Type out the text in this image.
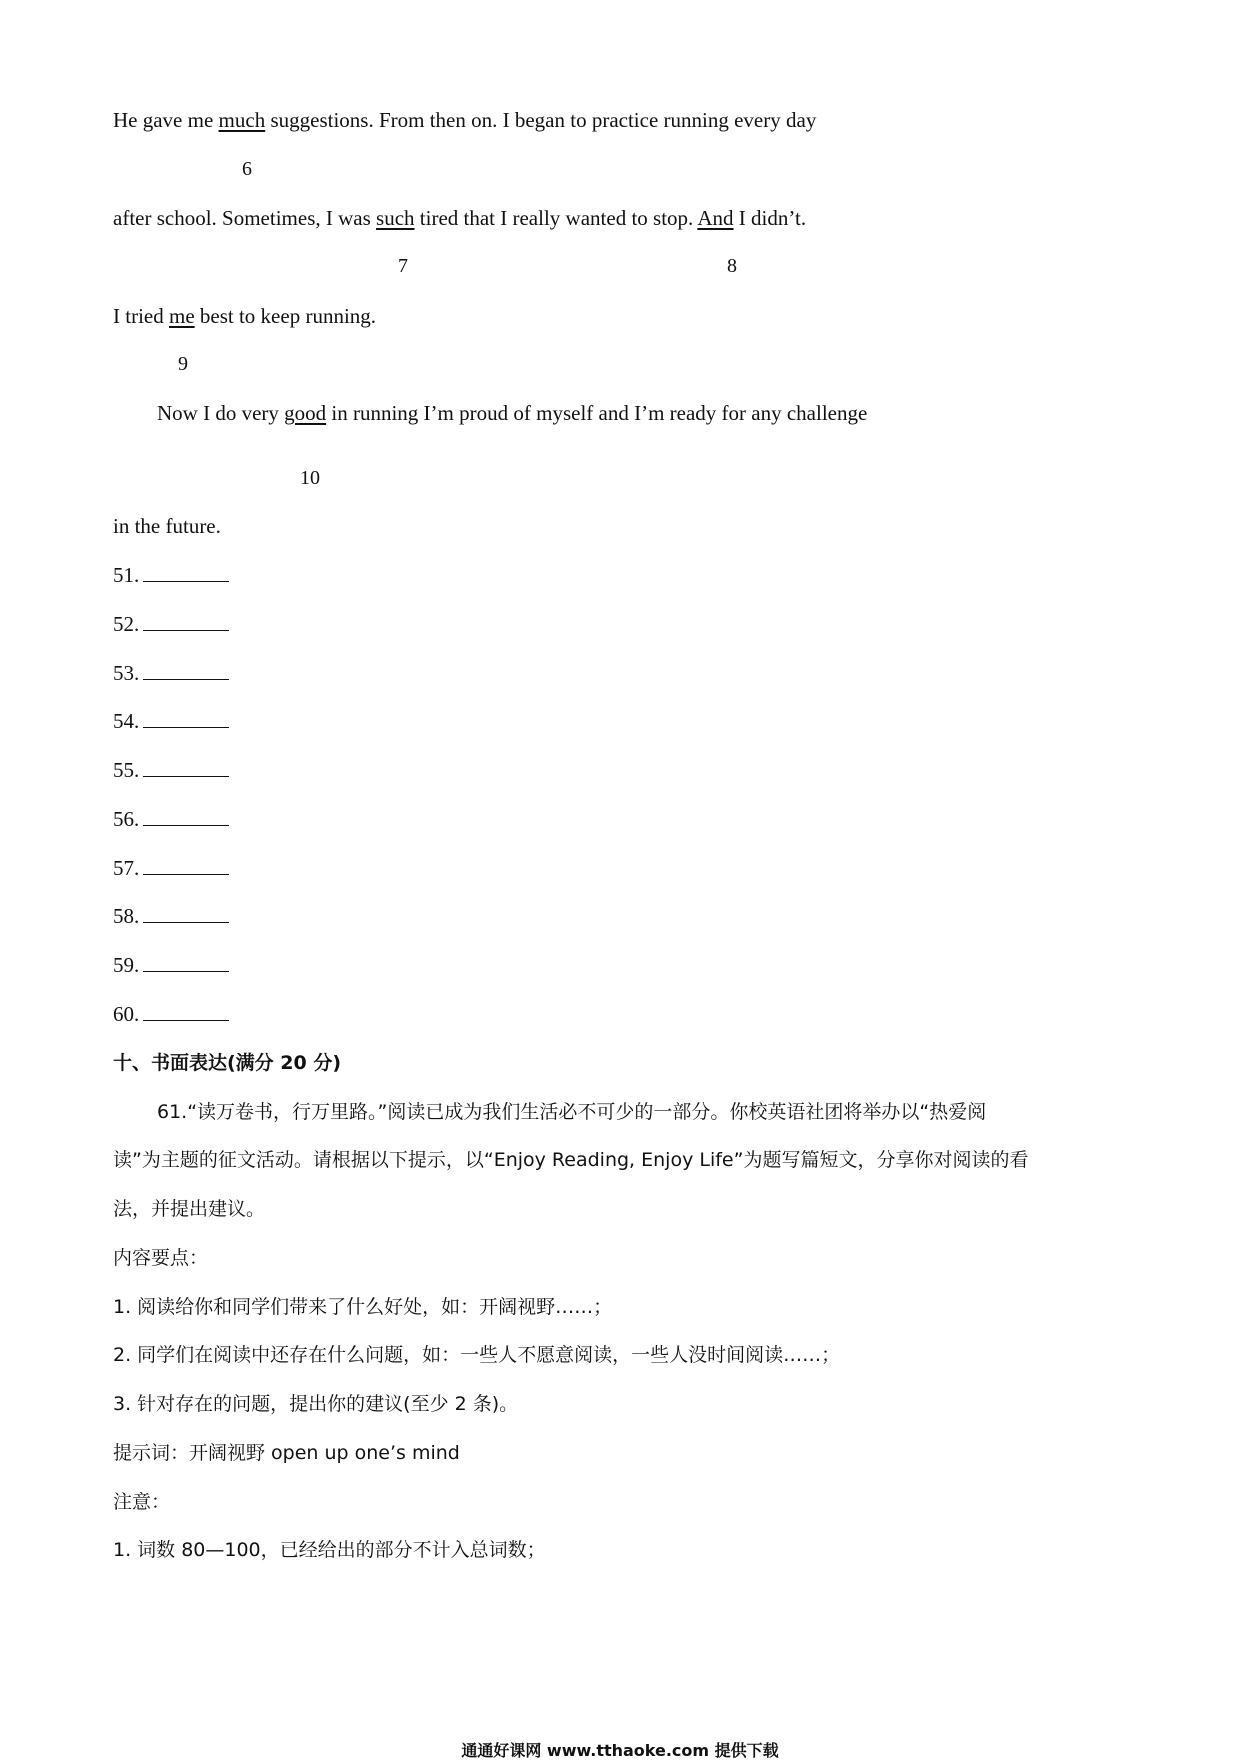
He gave me much suggestions. From then on. I began to practice running every day
6
after school. Sometimes, I was such tired that I really wanted to stop. And I didn’t.
7	8
I tried me best to keep running.
9
Now I do very good in running I’m proud of myself and I’m ready for any challenge
10
in the future.
51.
52.
53.
54.
55.
56.
57.
58.
59.
60.
十、书面表达(满分 20 分)
61.“读万卷书，行万里路。”阅读已成为我们生活必不可少的一部分。你校英语社团将举办以“热爱阅
读”为主题的征文活动。请根据以下提示，以“Enjoy Reading, Enjoy Life”为题写篇短文，分享你对阅读的看
法，并提出建议。
内容要点：
1. 阅读给你和同学们带来了什么好处，如：开阔视野……；
2. 同学们在阅读中还存在什么问题，如：一些人不愿意阅读，一些人没时间阅读……；
3. 针对存在的问题，提出你的建议(至少 2 条)。
提示词：开阔视野 open up one’s mind
注意：
1. 词数 80—100，已经给出的部分不计入总词数；
通通好课网 www.tthaoke.com 提供下载
